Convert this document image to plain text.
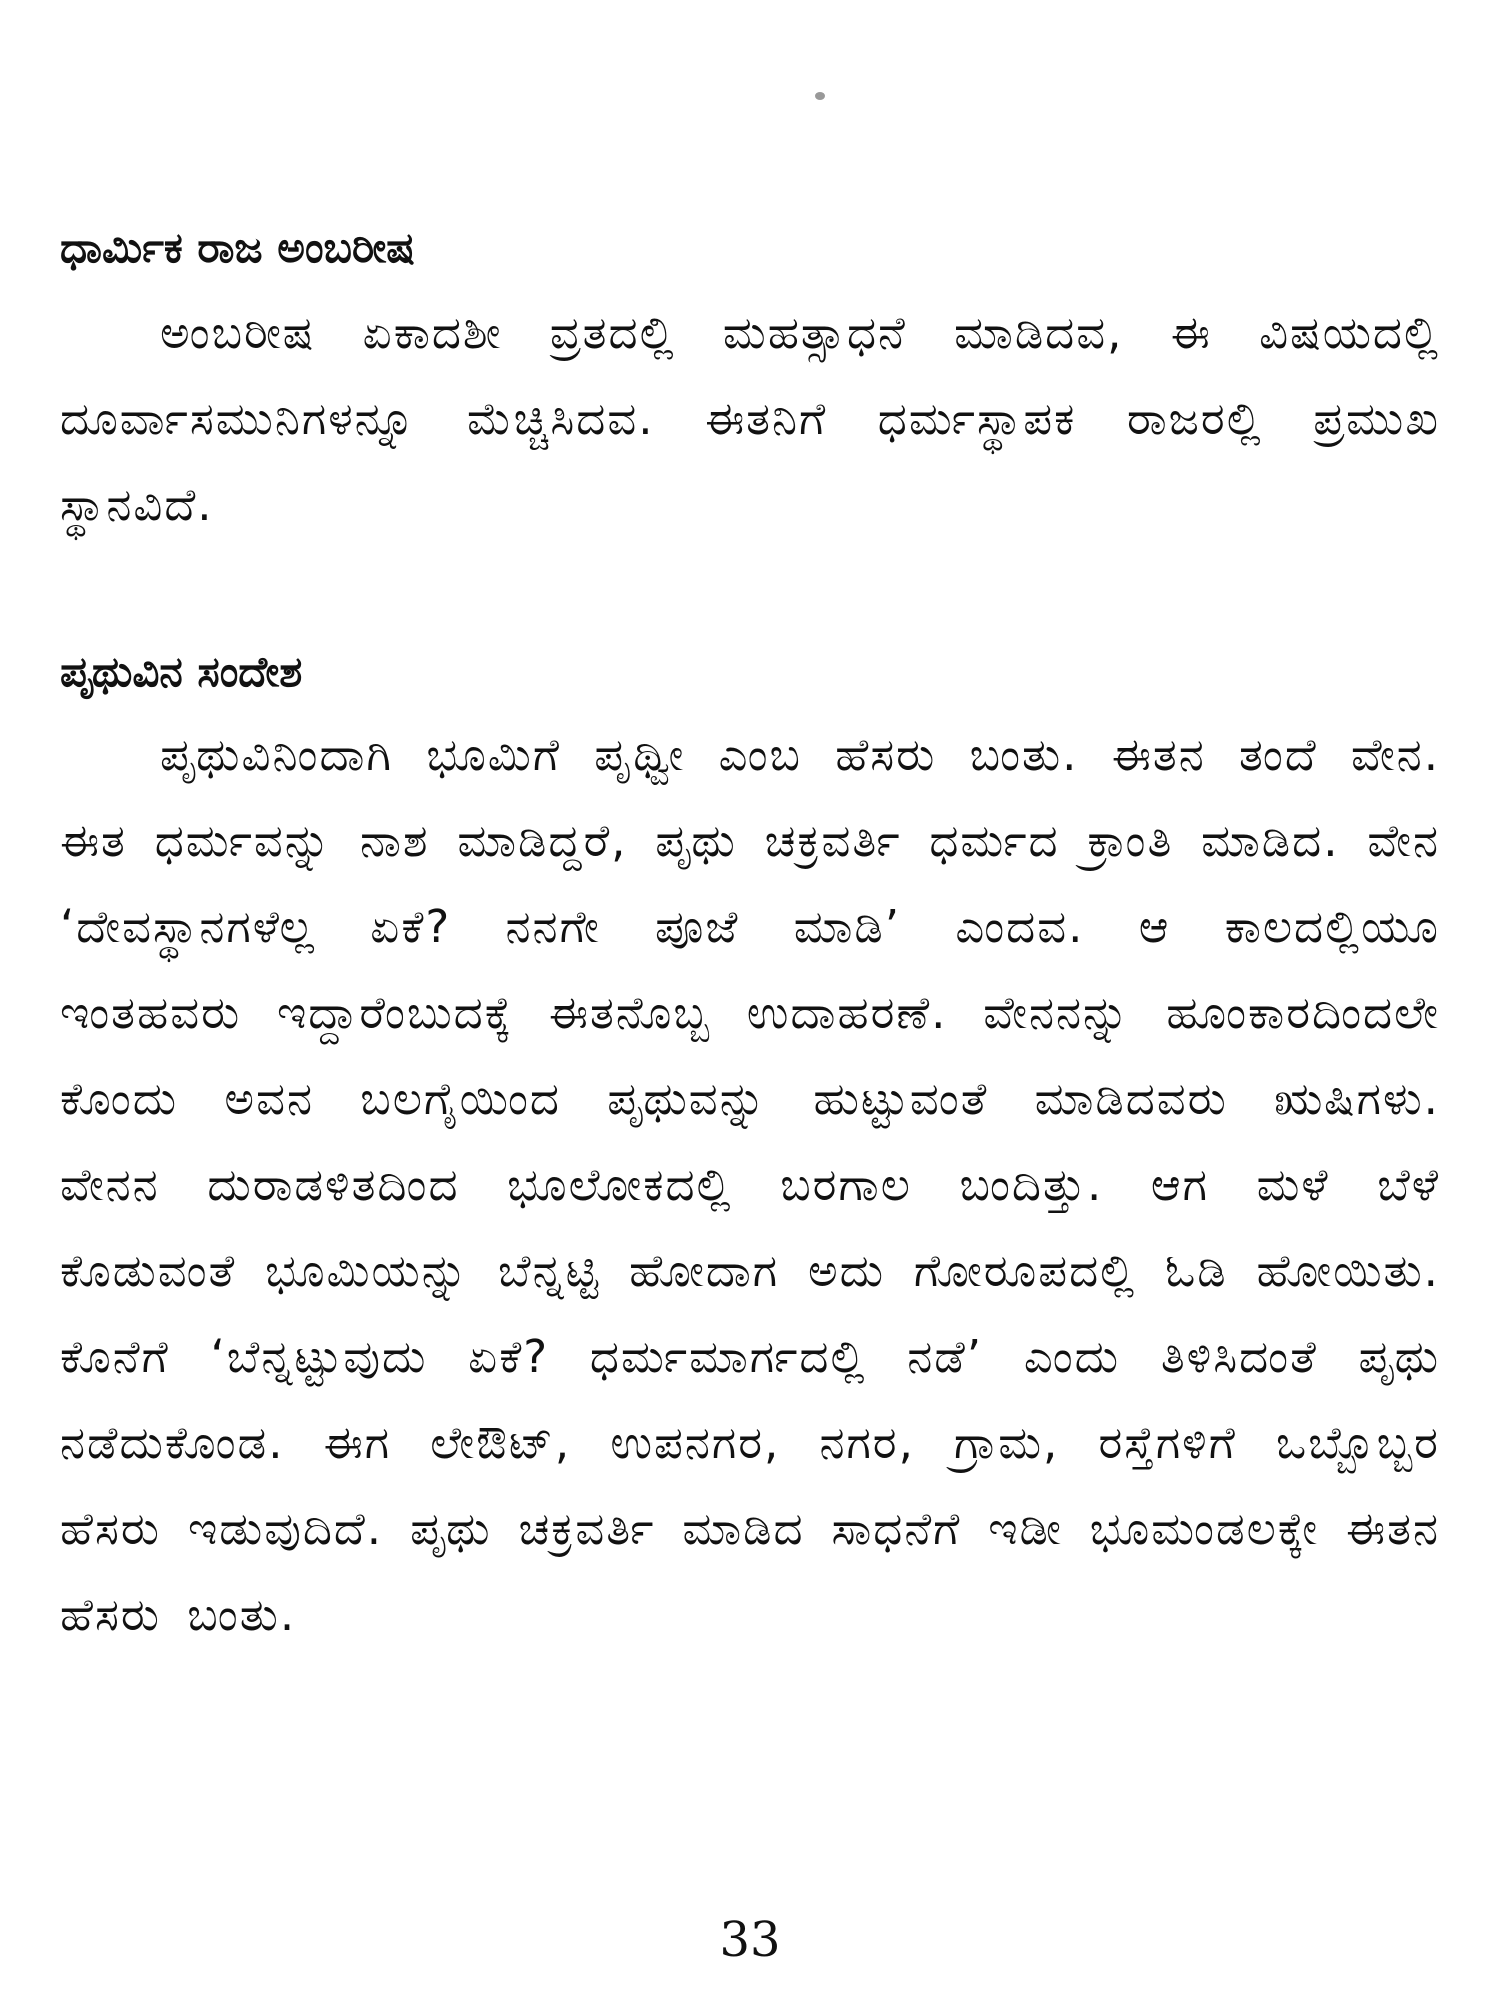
ಧಾರ್ಮಿಕ ರಾಜ ಅಂಬರೀಷ

ಅಂಬರೀಷ ಏಕಾದಶೀ ವ್ರತದಲ್ಲಿ ಮಹತ್ಸಾಧನೆ ಮಾಡಿದವ, ಈ ವಿಷಯದಲ್ಲಿ ದೂರ್ವಾಸಮುನಿಗಳನ್ನೂ ಮೆಚ್ಚಿಸಿದವ. ಈತನಿಗೆ ಧರ್ಮಸ್ಥಾಪಕ ರಾಜರಲ್ಲಿ ಪ್ರಮುಖ ಸ್ಥಾನವಿದೆ.

ಪೃಥುವಿನ ಸಂದೇಶ

ಪೃಥುವಿನಿಂದಾಗಿ ಭೂಮಿಗೆ ಪೃಥ್ವೀ ಎಂಬ ಹೆಸರು ಬಂತು. ಈತನ ತಂದೆ ವೇನ. ಈತ ಧರ್ಮವನ್ನು ನಾಶ ಮಾಡಿದ್ದರೆ, ಪೃಥು ಚಕ್ರವರ್ತಿ ಧರ್ಮದ ಕ್ರಾಂತಿ ಮಾಡಿದ. ವೇನ ‘ದೇವಸ್ಥಾನಗಳೆಲ್ಲ ಏಕೆ? ನನಗೇ ಪೂಜೆ ಮಾಡಿ’ ಎಂದವ. ಆ ಕಾಲದಲ್ಲಿಯೂ ಇಂತಹವರು ಇದ್ದಾರೆಂಬುದಕ್ಕೆ ಈತನೊಬ್ಬ ಉದಾಹರಣೆ. ವೇನನನ್ನು ಹೂಂಕಾರದಿಂದಲೇ ಕೊಂದು ಅವನ ಬಲಗೈಯಿಂದ ಪೃಥುವನ್ನು ಹುಟ್ಟುವಂತೆ ಮಾಡಿದವರು ಋಷಿಗಳು. ವೇನನ ದುರಾಡಳಿತದಿಂದ ಭೂಲೋಕದಲ್ಲಿ ಬರಗಾಲ ಬಂದಿತ್ತು. ಆಗ ಮಳೆ ಬೆಳೆ ಕೊಡುವಂತೆ ಭೂಮಿಯನ್ನು ಬೆನ್ನಟ್ಟಿ ಹೋದಾಗ ಅದು ಗೋರೂಪದಲ್ಲಿ ಓಡಿ ಹೋಯಿತು. ಕೊನೆಗೆ ‘ಬೆನ್ನಟ್ಟುವುದು ಏಕೆ? ಧರ್ಮಮಾರ್ಗದಲ್ಲಿ ನಡೆ’ ಎಂದು ತಿಳಿಸಿದಂತೆ ಪೃಥು ನಡೆದುಕೊಂಡ. ಈಗ ಲೇಔಟ್, ಉಪನಗರ, ನಗರ, ಗ್ರಾಮ, ರಸ್ತೆಗಳಿಗೆ ಒಬ್ಬೊಬ್ಬರ ಹೆಸರು ಇಡುವುದಿದೆ. ಪೃಥು ಚಕ್ರವರ್ತಿ ಮಾಡಿದ ಸಾಧನೆಗೆ ಇಡೀ ಭೂಮಂಡಲಕ್ಕೇ ಈತನ ಹೆಸರು ಬಂತು.

33
